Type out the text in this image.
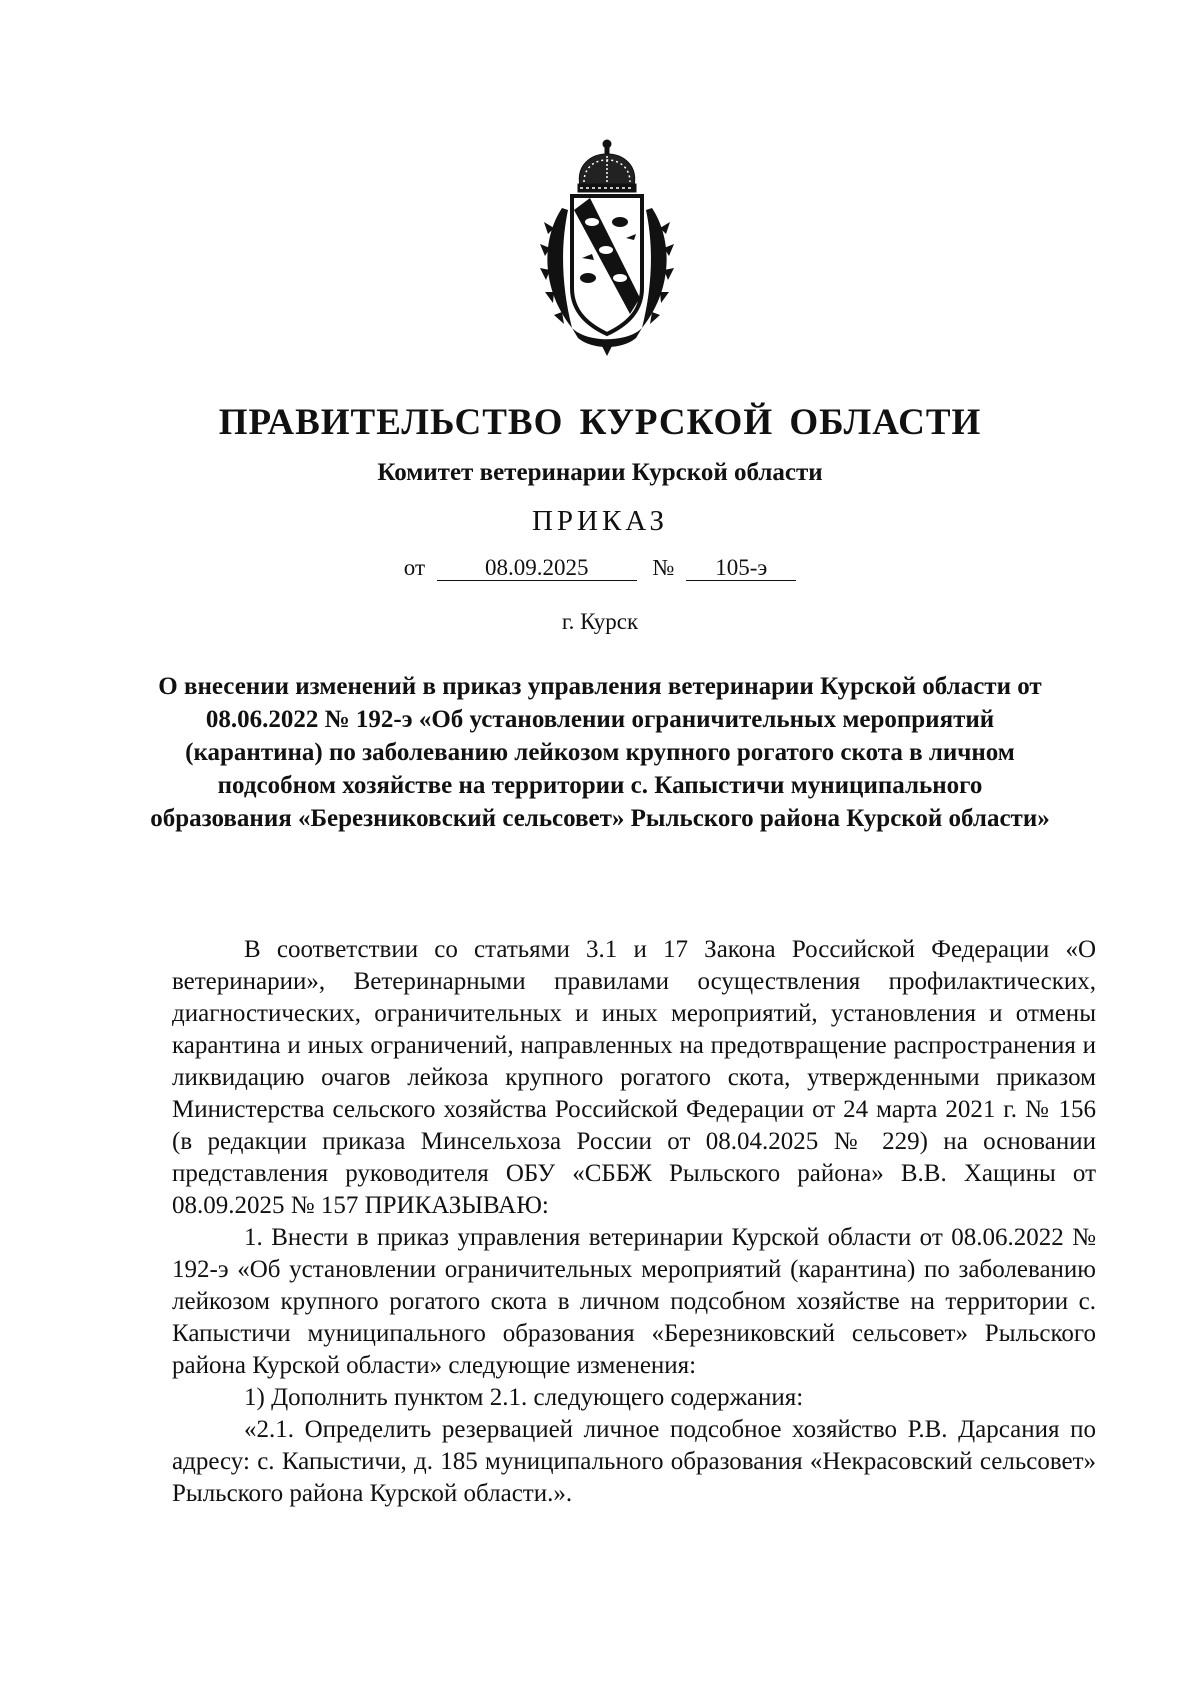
ПРАВИТЕЛЬСТВО КУРСКОЙ ОБЛАСТИ
Комитет ветеринарии Курской области
ПРИКАЗ
от	08.09.2025	№ 105-э
г. Курск
О внесении изменений в приказ управления ветеринарии Курской области от 08.06.2022 № 192-э «Об установлении ограничительных мероприятий (карантина) по заболеванию лейкозом крупного рогатого скота в личном подсобном хозяйстве на территории с. Капыстичи муниципального образования «Березниковский сельсовет» Рыльского района Курской области»

В соответствии со статьями 3.1 и 17 Закона Российской Федерации «О ветеринарии», Ветеринарными правилами осуществления профилактических, диагностических, ограничительных и иных мероприятий, установления и отмены карантина и иных ограничений, направленных на предотвращение распространения и ликвидацию очагов лейкоза крупного рогатого скота, утвержденными приказом Министерства сельского хозяйства Российской Федерации от 24 марта 2021 г. № 156 (в редакции приказа Минсельхоза России от 08.04.2025 № 229) на основании представления руководителя ОБУ «СББЖ Рыльского района» В.В. Хащины от 08.09.2025 № 157 ПРИКАЗЫВАЮ:

1. Внести в приказ управления ветеринарии Курской области от 08.06.2022 № 192-э «Об установлении ограничительных мероприятий (карантина) по заболеванию лейкозом крупного рогатого скота в личном подсобном хозяйстве на территории с. Капыстичи муниципального образования «Березниковский сельсовет» Рыльского района Курской области» следующие изменения:

1) Дополнить пунктом 2.1. следующего содержания:

«2.1. Определить резервацией личное подсобное хозяйство Р.В. Дарсания по адресу: с. Капыстичи, д. 185 муниципального образования «Некрасовский сельсовет» Рыльского района Курской области.».
